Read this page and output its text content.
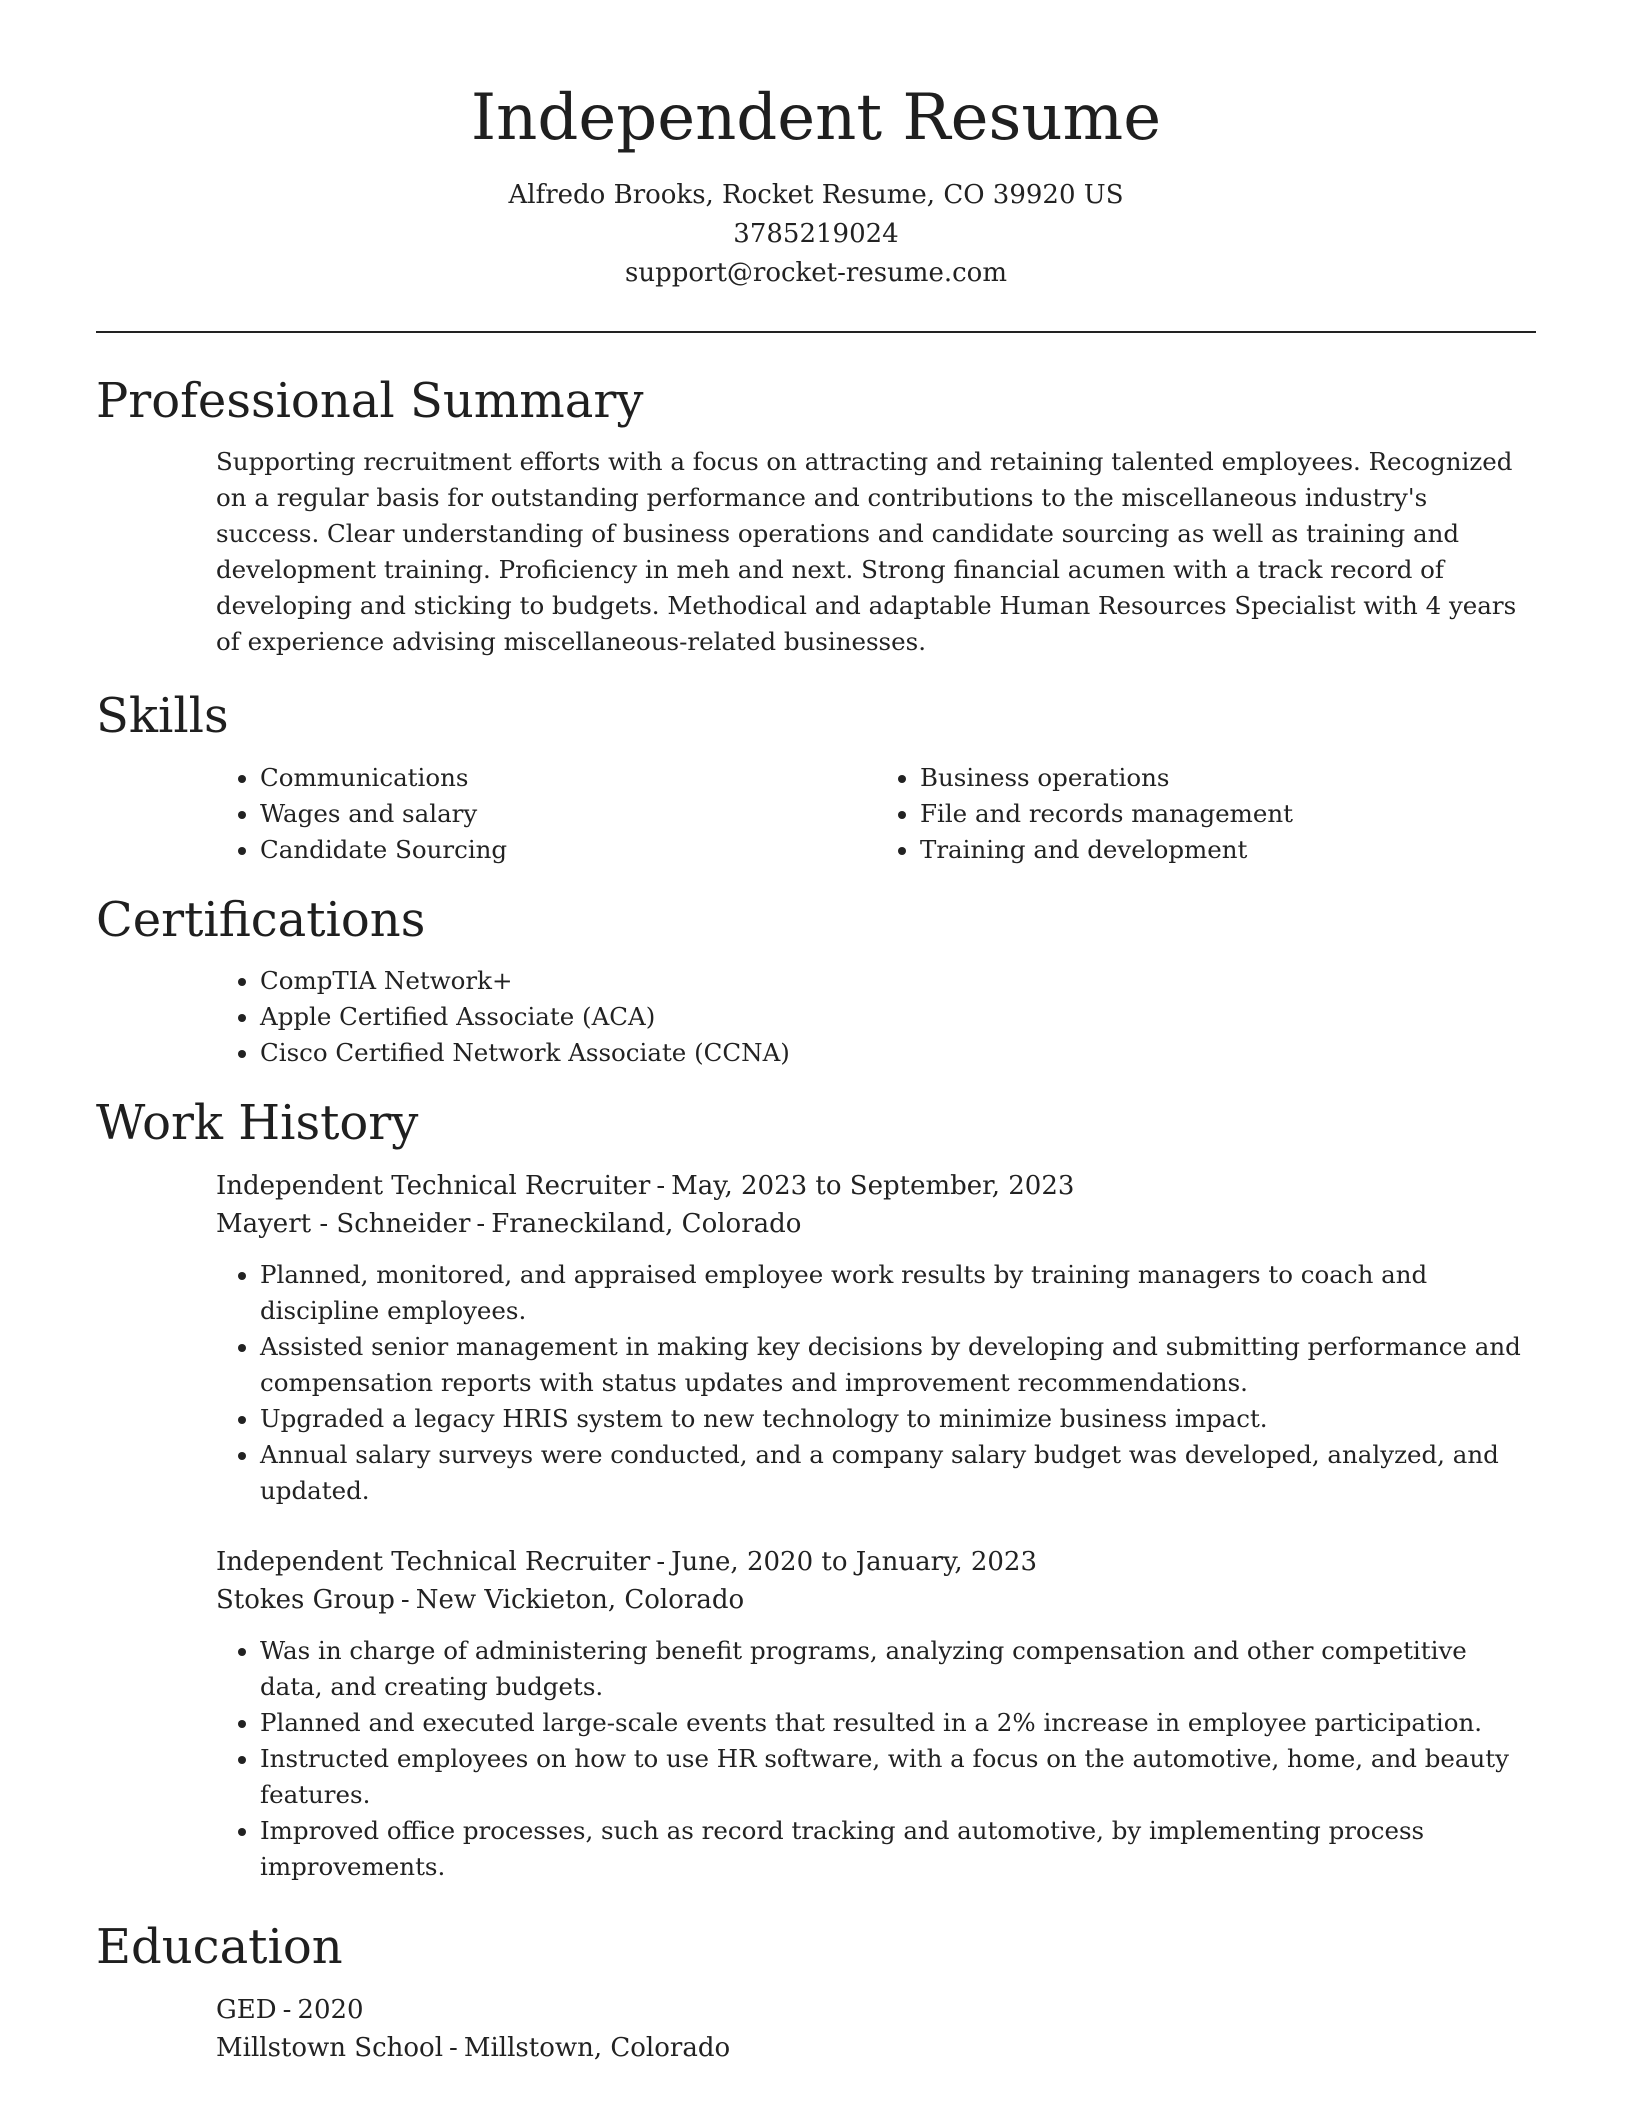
Independent Resume

Alfredo Brooks, Rocket Resume, CO 39920 US

3785219024

support@rocket-resume.com

Professional Summary

Supporting recruitment efforts with a focus on attracting and retaining talented employees. Recognized on a regular basis for outstanding performance and contributions to the miscellaneous industry's success. Clear understanding of business operations and candidate sourcing as well as training and development training. Proficiency in meh and next. Strong financial acumen with a track record of developing and sticking to budgets. Methodical and adaptable Human Resources Specialist with 4 years of experience advising miscellaneous-related businesses.

Skills
• Communications
• Wages and salary
• Candidate Sourcing
• Business operations
• File and records management
• Training and development
Certifications
• CompTIA Network+
• Apple Certified Associate (ACA)
• Cisco Certified Network Associate (CCNA)
Work History

Independent Technical Recruiter - May, 2023 to September, 2023

Mayert - Schneider - Franeckiland, Colorado

• Planned, monitored, and appraised employee work results by training managers to coach and discipline employees.
• Assisted senior management in making key decisions by developing and submitting performance and compensation reports with status updates and improvement recommendations.
• Upgraded a legacy HRIS system to new technology to minimize business impact.
• Annual salary surveys were conducted, and a company salary budget was developed, analyzed, and updated.

Independent Technical Recruiter - June, 2020 to January, 2023

Stokes Group - New Vickieton, Colorado

• Was in charge of administering benefit programs, analyzing compensation and other competitive data, and creating budgets.
• Planned and executed large-scale events that resulted in a 2% increase in employee participation.
• Instructed employees on how to use HR software, with a focus on the automotive, home, and beauty features.
• Improved office processes, such as record tracking and automotive, by implementing process improvements.
Education

GED - 2020

Millstown School - Millstown, Colorado
